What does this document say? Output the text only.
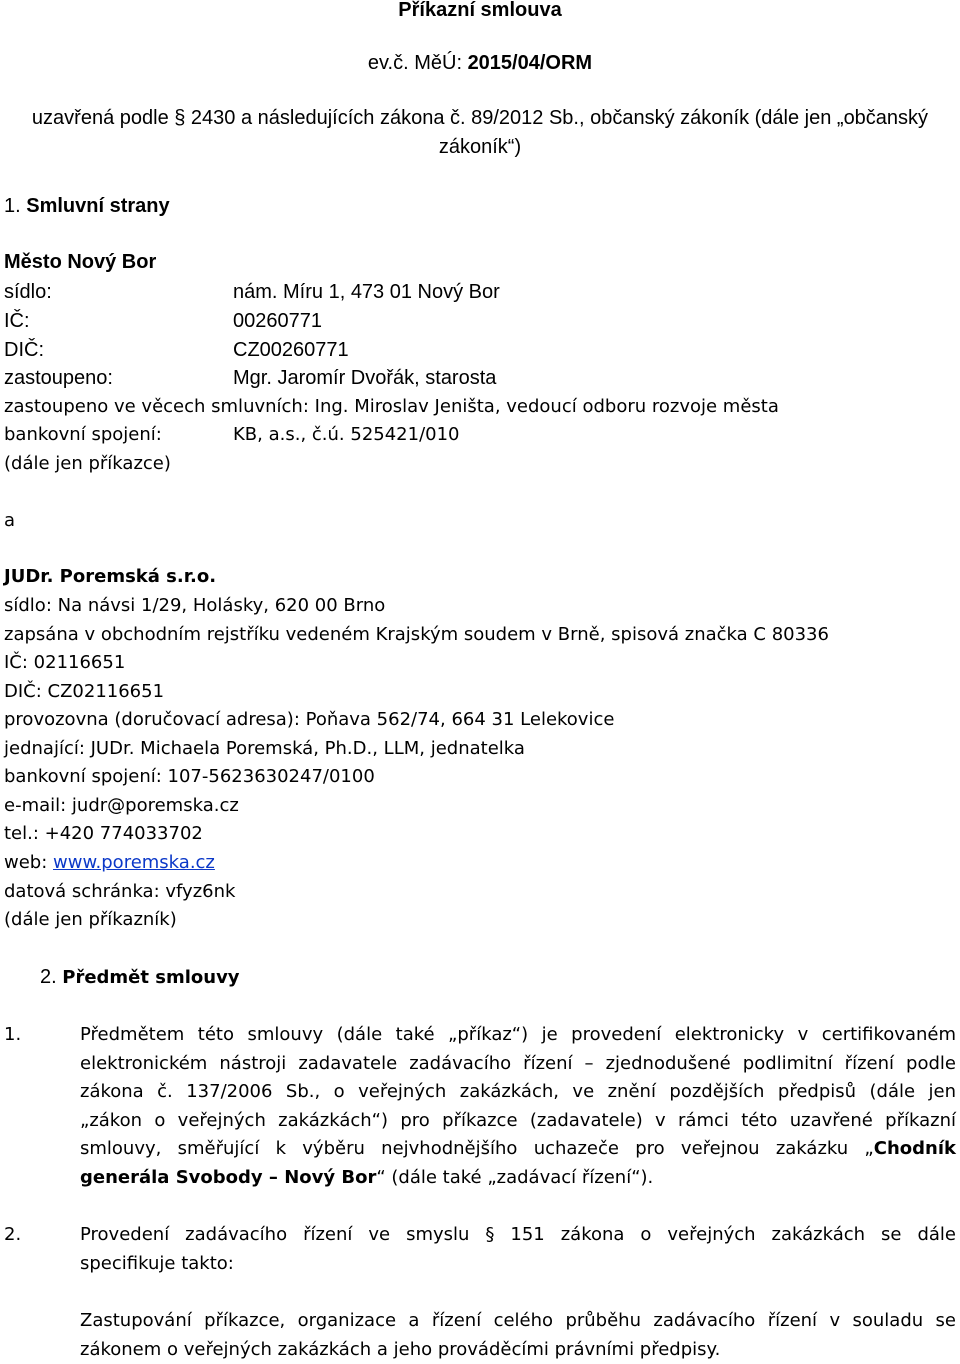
Příkazní smlouva
ev.č. MěÚ: 2015/04/ORM
uzavřená podle § 2430 a následujících zákona č. 89/2012 Sb., občanský zákoník (dále jen „občanský
zákoník“)
1. Smluvní strany
Město Nový Bor
sídlo:	nám. Míru 1, 473 01 Nový Bor
IČ:	00260771
DIČ:	CZ00260771
zastoupeno:	Mgr. Jaromír Dvořák, starosta
zastoupeno ve věcech smluvních: Ing. Miroslav Jeništa, vedoucí odboru rozvoje města
bankovní spojení:	KB, a.s., č.ú. 525421/010
(dále jen příkazce)
a
JUDr. Poremská s.r.o.
sídlo: Na návsi 1/29, Holásky, 620 00 Brno
zapsána v obchodním rejstříku vedeném Krajským soudem v Brně, spisová značka C 80336
IČ: 02116651
DIČ: CZ02116651
provozovna (doručovací adresa): Poňava 562/74, 664 31 Lelekovice
jednající: JUDr. Michaela Poremská, Ph.D., LLM, jednatelka
bankovní spojení: 107-5623630247/0100
e-mail: judr@poremska.cz
tel.: +420 774033702
web: www.poremska.cz
datová schránka: vfyz6nk
(dále jen příkazník)
2. Předmět smlouvy
1.	Předmětem této smlouvy (dále také „příkaz“) je provedení elektronicky v certifikovaném
elektronickém nástroji zadavatele zadávacího řízení – zjednodušené podlimitní řízení podle
zákona č. 137/2006 Sb., o veřejných zakázkách, ve znění pozdějších předpisů (dále jen
„zákon o veřejných zakázkách“) pro příkazce (zadavatele) v rámci této uzavřené příkazní
smlouvy, směřující k výběru nejvhodnějšího uchazeče pro veřejnou zakázku „Chodník
generála Svobody – Nový Bor“ (dále také „zadávací řízení“).
2.	Provedení zadávacího řízení ve smyslu § 151 zákona o veřejných zakázkách se dále
specifikuje takto:
Zastupování příkazce, organizace a řízení celého průběhu zadávacího řízení v souladu se
zákonem o veřejných zakázkách a jeho prováděcími právními předpisy.
